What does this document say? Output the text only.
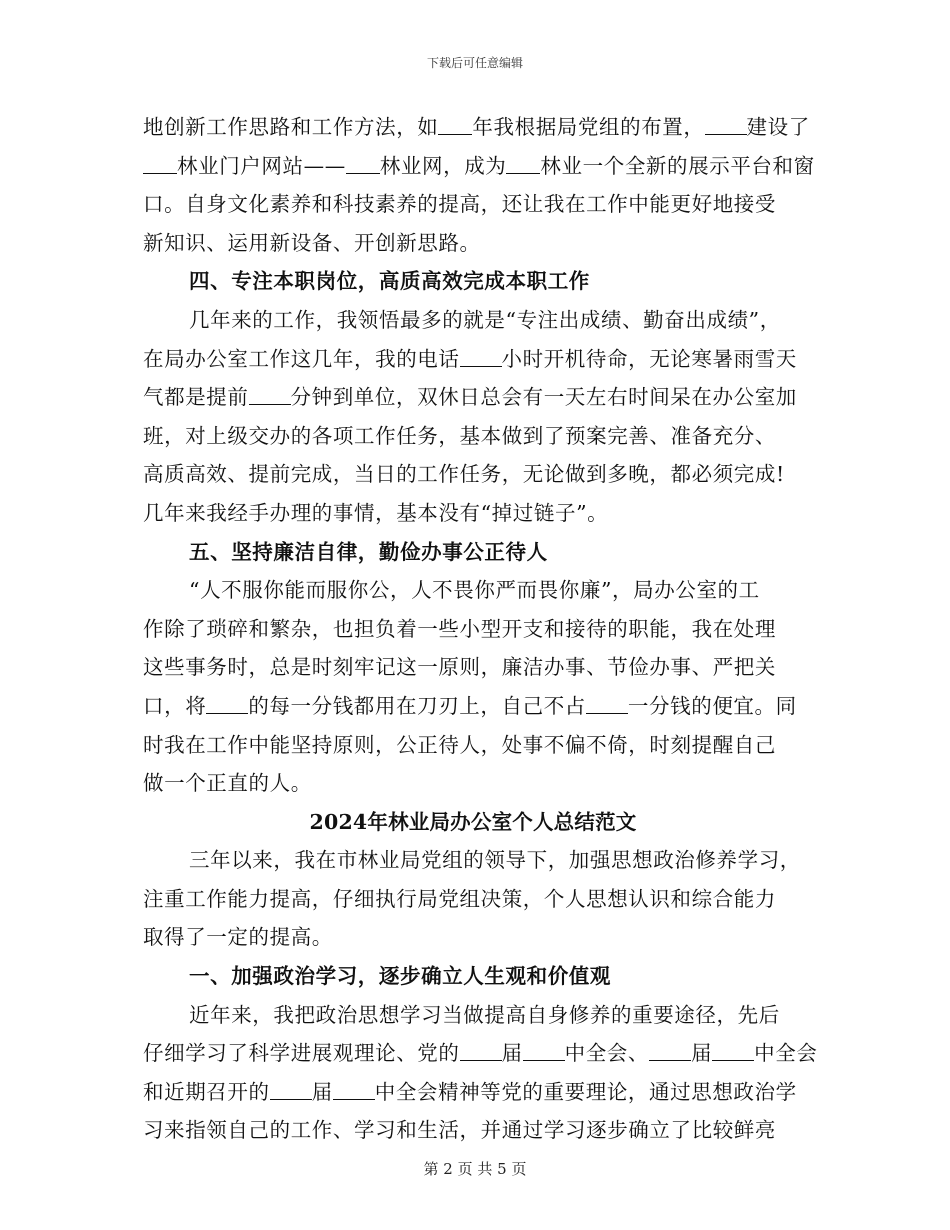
下载后可任意编辑
地创新工作思路和工作方法，如 年我根据局党组的布置， 建设了
林业门户网站—— 林业网，成为 林业一个全新的展示平台和窗
口。自身文化素养和科技素养的提高，还让我在工作中能更好地接受
新知识、运用新设备、开创新思路。
四、专注本职岗位，高质高效完成本职工作
几年来的工作，我领悟最多的就是“专注出成绩、勤奋出成绩”，
在局办公室工作这几年，我的电话 小时开机待命，无论寒暑雨雪天
气都是提前 分钟到单位，双休日总会有一天左右时间呆在办公室加
班，对上级交办的各项工作任务，基本做到了预案完善、准备充分、
高质高效、提前完成，当日的工作任务，无论做到多晚，都必须完成!
几年来我经手办理的事情，基本没有“掉过链子”。
五、坚持廉洁自律，勤俭办事公正待人
“人不服你能而服你公，人不畏你严而畏你廉”，局办公室的工
作除了琐碎和繁杂，也担负着一些小型开支和接待的职能，我在处理
这些事务时，总是时刻牢记这一原则，廉洁办事、节俭办事、严把关
口，将 的每一分钱都用在刀刃上，自己不占 一分钱的便宜。同
时我在工作中能坚持原则，公正待人，处事不偏不倚，时刻提醒自己
做一个正直的人。
2024年林业局办公室个人总结范文
三年以来，我在市林业局党组的领导下，加强思想政治修养学习，
注重工作能力提高，仔细执行局党组决策，个人思想认识和综合能力
取得了一定的提高。
一、加强政治学习，逐步确立人生观和价值观
近年来，我把政治思想学习当做提高自身修养的重要途径，先后
仔细学习了科学进展观理论、党的 届 中全会、 届 中全会
和近期召开的 届 中全会精神等党的重要理论，通过思想政治学
习来指领自己的工作、学习和生活，并通过学习逐步确立了比较鲜亮
第 2 页 共 5 页
